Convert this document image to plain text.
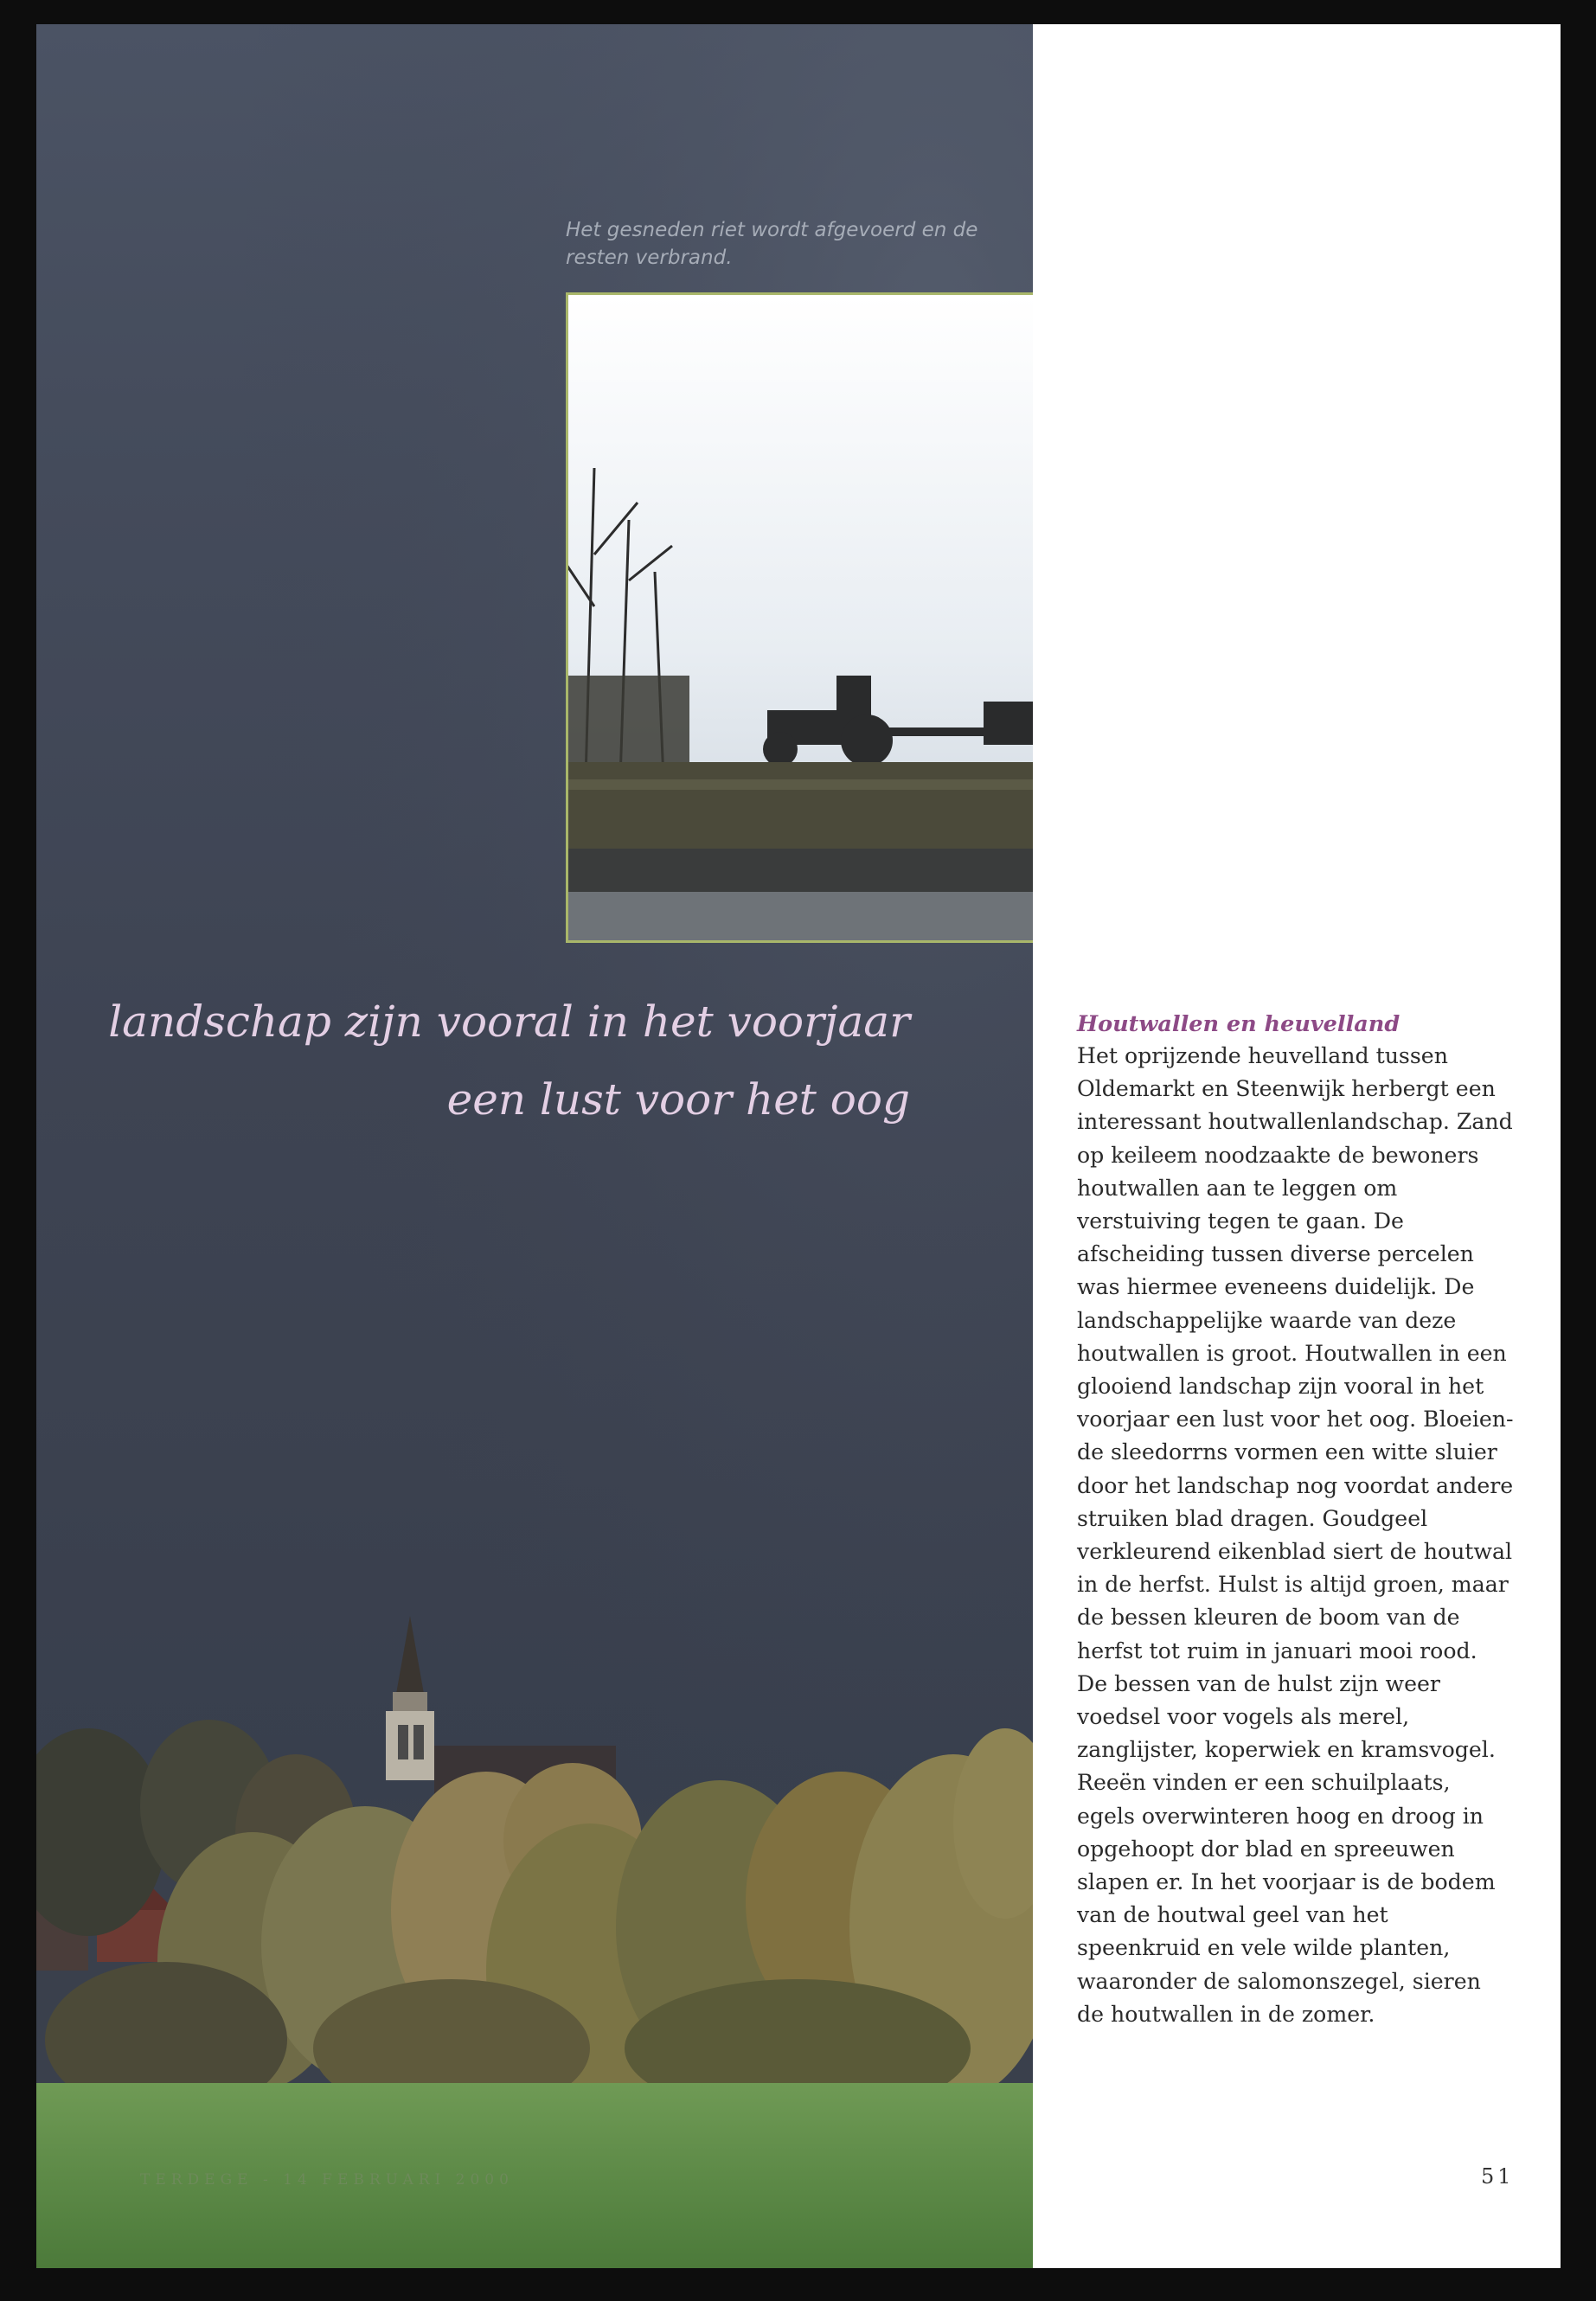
Het gesneden riet wordt afgevoerd en de resten verbrand.
landschap zijn vooral in het voorjaar
een lust voor het oog
TERDEGE - 14 FEBRUARI 2000
Houtwallen en heuvelland

Het oprijzende heuvelland tussen Oldemarkt en Steenwijk herbergt een interessant houtwallenlandschap. Zand op keileem noodzaakte de bewoners houtwallen aan te leggen om verstuiving tegen te gaan. De afscheiding tussen diverse percelen was hiermee eveneens duidelijk. De landschappelijke waarde van deze houtwallen is groot. Houtwallen in een glooiend landschap zijn vooral in het voorjaar een lust voor het oog. Bloeiende sleedorrns vormen een witte sluier door het landschap nog voordat andere struiken blad dragen. Goudgeel verkleurend eikenblad siert de houtwal in de herfst. Hulst is altijd groen, maar de bessen kleuren de boom van de herfst tot ruim in januari mooi rood. De bessen van de hulst zijn weer voedsel voor vogels als merel, zanglijster, koperwiek en kramsvogel. Reeën vinden er een schuilplaats, egels overwinteren hoog en droog in opgehoopt dor blad en spreeuwen slapen er. In het voorjaar is de bodem van de houtwal geel van het speenkruid en vele wilde planten, waaronder de salomonszegel, sieren de houtwallen in de zomer.

51
